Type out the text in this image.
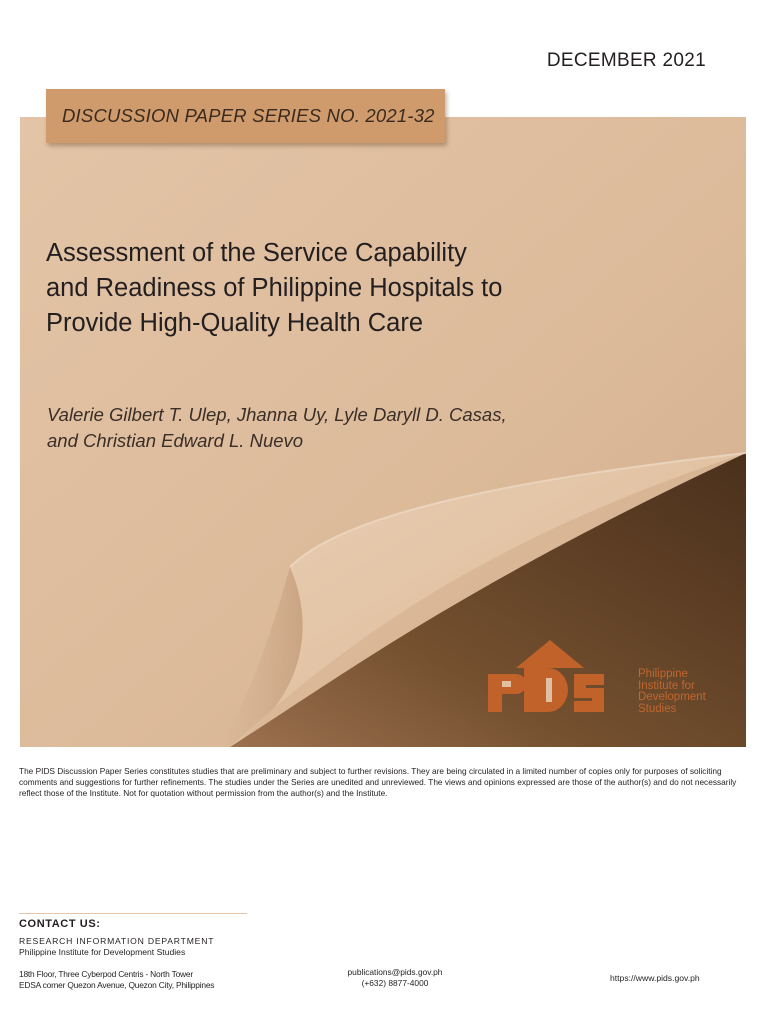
DECEMBER 2021
DISCUSSION PAPER SERIES NO. 2021-32
Assessment of the Service Capability
and Readiness of Philippine Hospitals to
Provide High-Quality Health Care
Valerie Gilbert T. Ulep, Jhanna Uy, Lyle Daryll D. Casas,
and Christian Edward L. Nuevo
Philippine
Institute for
Development
Studies
The PIDS Discussion Paper Series constitutes studies that are preliminary and subject to further revisions. They are being circulated in a limited number of copies only for purposes of soliciting comments and suggestions for further refinements. The studies under the Series are unedited and unreviewed. The views and opinions expressed are those of the author(s) and do not necessarily reflect those of the Institute. Not for quotation without permission from the author(s) and the Institute.
CONTACT US:
RESEARCH INFORMATION DEPARTMENT
Philippine Institute for Development Studies
18th Floor, Three Cyberpod Centris - North Tower
EDSA corner Quezon Avenue, Quezon City, Philippines
publications@pids.gov.ph
(+632) 8877-4000	https://www.pids.gov.ph
